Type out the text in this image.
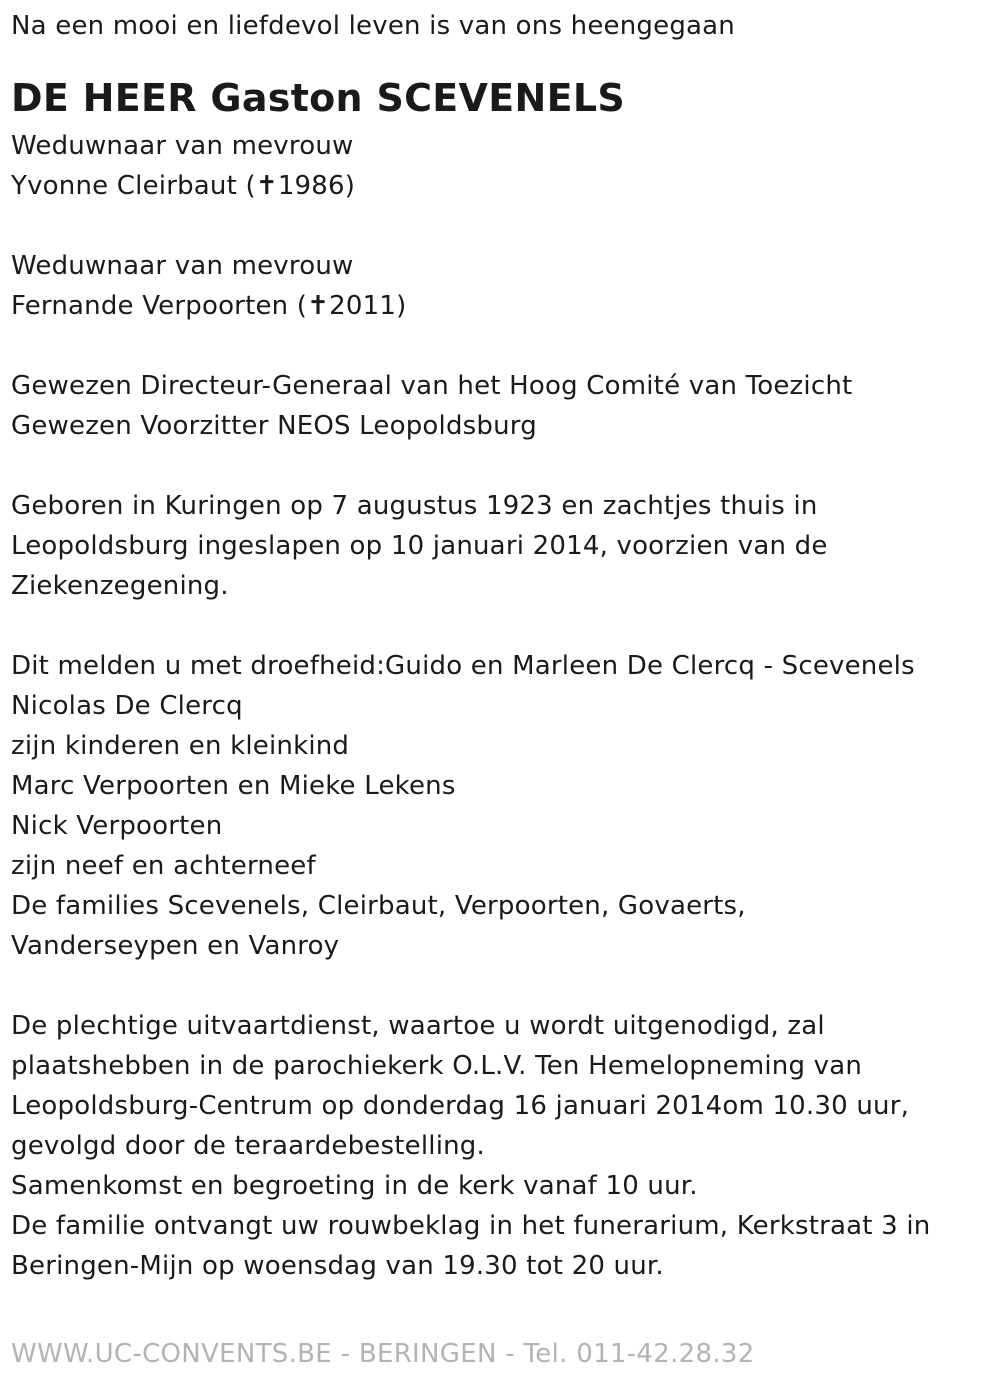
Na een mooi en liefdevol leven is van ons heengegaan
DE HEER Gaston SCEVENELS
Weduwnaar van mevrouw
Yvonne Cleirbaut (✝1986)
Weduwnaar van mevrouw
Fernande Verpoorten (✝2011)
Gewezen Directeur-Generaal van het Hoog Comité van Toezicht
Gewezen Voorzitter NEOS Leopoldsburg
Geboren in Kuringen op 7 augustus 1923 en zachtjes thuis in
Leopoldsburg ingeslapen op 10 januari 2014, voorzien van de
Ziekenzegening.
Dit melden u met droefheid:Guido en Marleen De Clercq - Scevenels
Nicolas De Clercq
zijn kinderen en kleinkind
Marc Verpoorten en Mieke Lekens
Nick Verpoorten
zijn neef en achterneef
De families Scevenels, Cleirbaut, Verpoorten, Govaerts,
Vanderseypen en Vanroy
De plechtige uitvaartdienst, waartoe u wordt uitgenodigd, zal
plaatshebben in de parochiekerk O.L.V. Ten Hemelopneming van
Leopoldsburg-Centrum op donderdag 16 januari 2014om 10.30 uur,
gevolgd door de teraardebestelling.
Samenkomst en begroeting in de kerk vanaf 10 uur.
De familie ontvangt uw rouwbeklag in het funerarium, Kerkstraat 3 in
Beringen-Mijn op woensdag van 19.30 tot 20 uur.
WWW.UC-CONVENTS.BE - BERINGEN - Tel. 011-42.28.32
